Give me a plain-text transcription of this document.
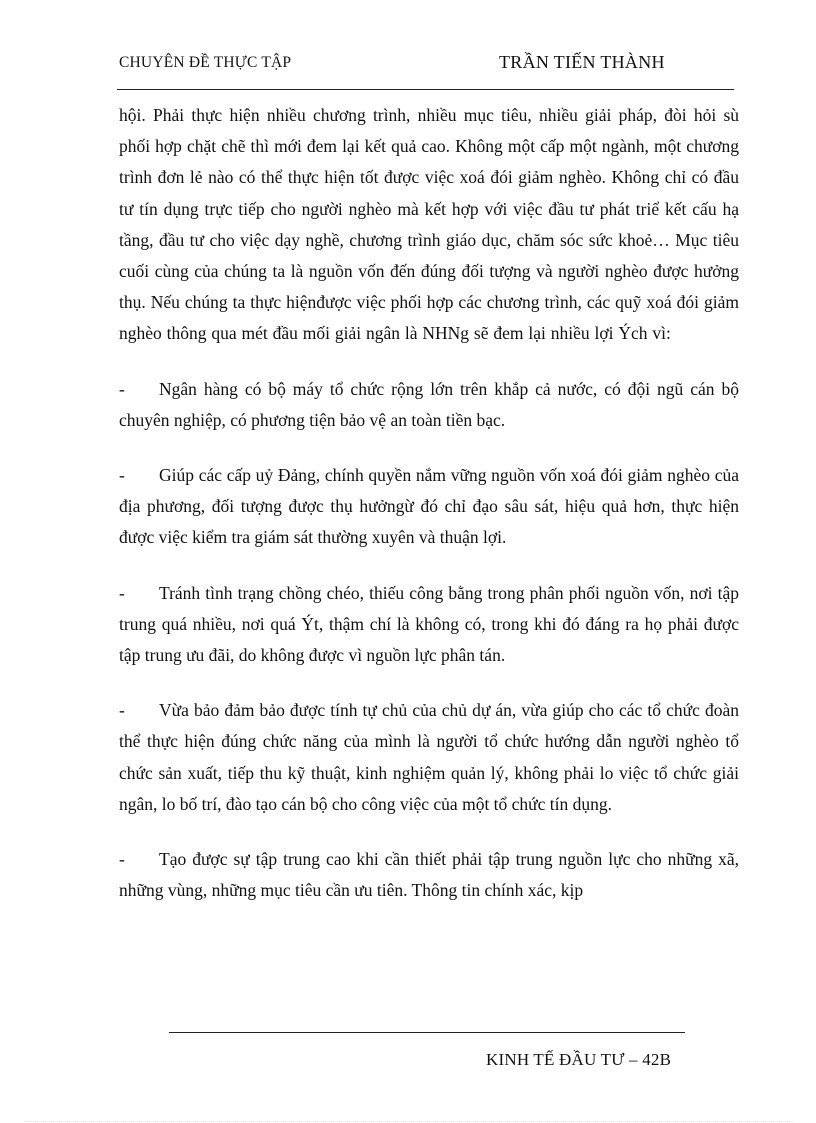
CHUYÊN ĐỀ THỰC TẬP	TRẦN TIẾN THÀNH

hội. Phải thực hiện nhiều chương trình, nhiều mục tiêu, nhiều giải pháp, đòi hỏi sù phối hợp chặt chẽ thì mới đem lại kết quả cao. Không một cấp một ngành, một chương trình đơn lẻ nào có thể thực hiện tốt được việc xoá đói giảm nghèo. Không chỉ có đầu tư tín dụng trực tiếp cho người nghèo mà kết hợp với việc đầu tư phát triể kết cấu hạ tầng, đầu tư cho việc dạy nghề, chương trình giáo dục, chăm sóc sức khoẻ… Mục tiêu cuối cùng của chúng ta là nguồn vốn đến đúng đối tượng và người nghèo được hưởng thụ. Nếu chúng ta thực hiệnđược việc phối hợp các chương trình, các quỹ xoá đói giảm nghèo thông qua mét đầu mối giải ngân là NHNg sẽ đem lại nhiều lợi Ých vì:

- Ngân hàng có bộ máy tổ chức rộng lớn trên khắp cả nước, có đội ngũ cán bộ chuyên nghiệp, có phương tiện bảo vệ an toàn tiền bạc.

- Giúp các cấp uỷ Đảng, chính quyền nắm vững nguồn vốn xoá đói giảm nghèo của địa phương, đối tượng được thụ hưởngừ đó chỉ đạo sâu sát, hiệu quả hơn, thực hiện được việc kiểm tra giám sát thường xuyên và thuận lợi.

- Tránh tình trạng chồng chéo, thiếu công bằng trong phân phối nguồn vốn, nơi tập trung quá nhiều, nơi quá Ýt, thậm chí là không có, trong khi đó đáng ra họ phải được tập trung ưu đãi, do không được vì nguồn lực phân tán.

- Vừa bảo đảm bảo được tính tự chủ của chủ dự án, vừa giúp cho các tổ chức đoàn thể thực hiện đúng chức năng của mình là người tổ chức hướng dẫn người nghèo tổ chức sản xuất, tiếp thu kỹ thuật, kinh nghiệm quản lý, không phải lo việc tổ chức giải ngân, lo bố trí, đào tạo cán bộ cho công việc của một tổ chức tín dụng.

- Tạo được sự tập trung cao khi cần thiết phải tập trung nguồn lực cho những xã, những vùng, những mục tiêu cần ưu tiên. Thông tin chính xác, kịp

KINH TẾ ĐẦU TƯ – 42B
